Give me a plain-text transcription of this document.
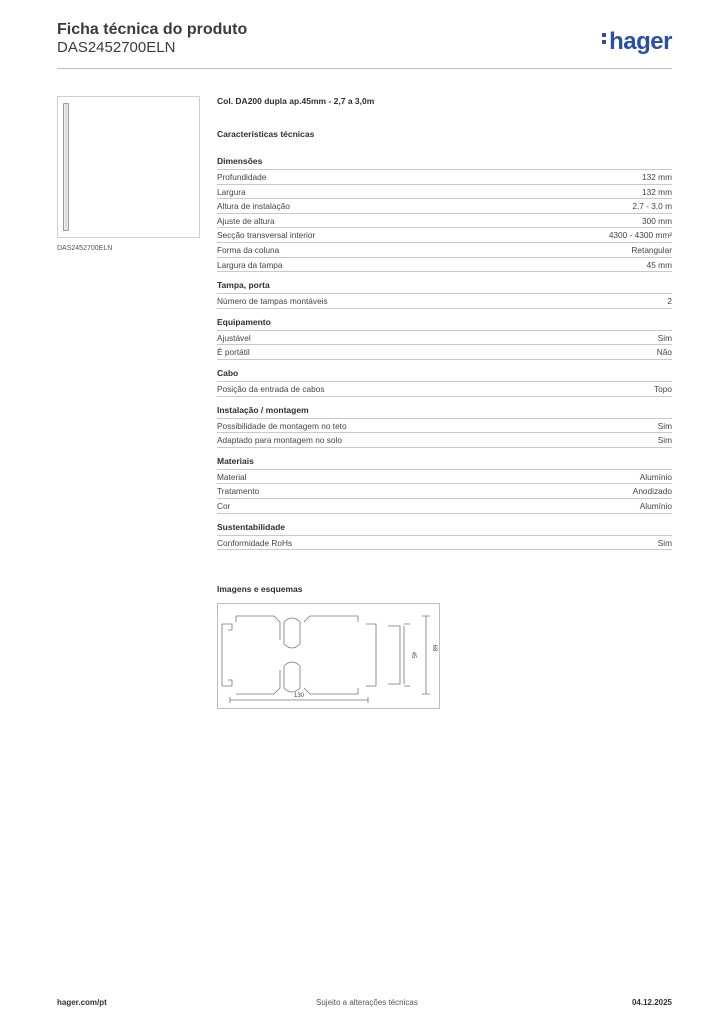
Ficha técnica do produto
DAS2452700ELN	hager
DAS2452700ELN
Col. DA200 dupla ap.45mm - 2,7 a 3,0m
Características técnicas
Dimensões
Profundidade	132 mm
Largura	132 mm
Altura de instalação	2,7 - 3,0 m
Ajuste de altura	300 mm
Secção transversal interior	4300 - 4300 mm²
Forma da coluna	Retangular
Largura da tampa	45 mm
Tampa, porta
Número de tampas montáveis	2
Equipamento
Ajustável	Sim
É portátil	Não
Cabo
Posição da entrada de cabos	Topo
Instalação / montagem
Possibilidade de montagem no teto	Sim
Adaptado para montagem no solo	Sim
Materiais
Material	Alumínio
Tratamento	Anodizado
Cor	Alumínio
Sustentabilidade
Conformidade RoHs	Sim
Imagens e esquemas
130
45
68
hager.com/pt	Sujeito a alterações técnicas	04.12.2025
